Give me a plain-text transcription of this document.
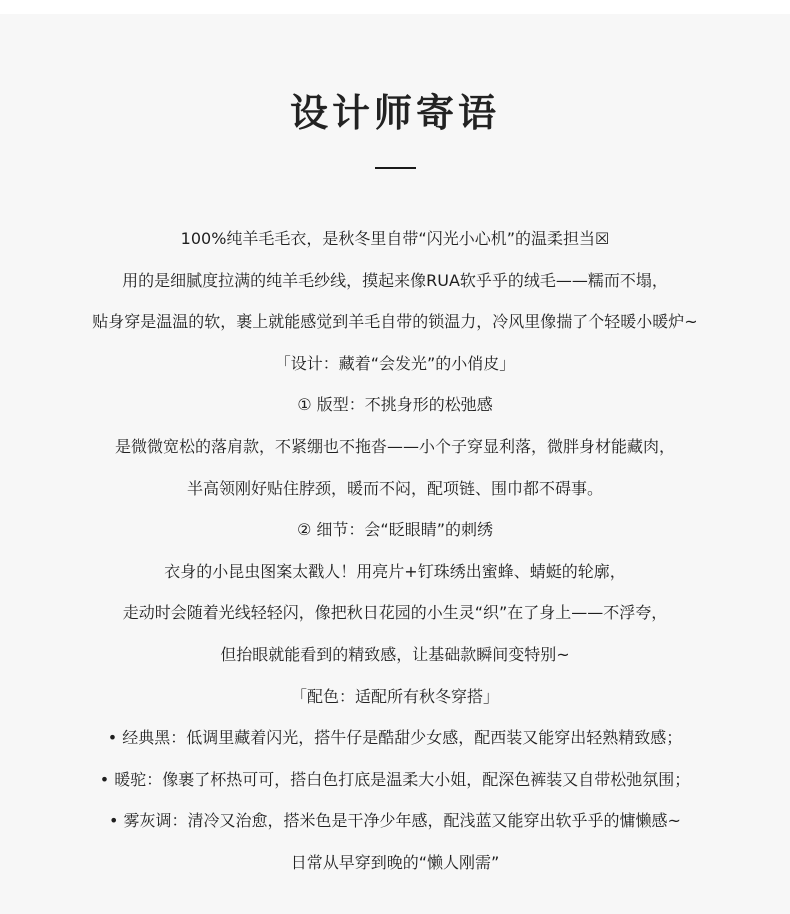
设计师寄语
100%纯羊毛毛衣，是秋冬里自带“闪光小心机”的温柔担当☒
用的是细腻度拉满的纯羊毛纱线，摸起来像RUA软乎乎的绒毛——糯而不塌，
贴身穿是温温的软，裹上就能感觉到羊毛自带的锁温力，冷风里像揣了个轻暖小暖炉~
「设计：藏着“会发光”的小俏皮」
① 版型：不挑身形的松弛感
是微微宽松的落肩款，不紧绷也不拖沓——小个子穿显利落，微胖身材能藏肉，
半高领刚好贴住脖颈，暖而不闷，配项链、围巾都不碍事。
② 细节：会“眨眼睛”的刺绣
衣身的小昆虫图案太戳人！用亮片+钉珠绣出蜜蜂、蜻蜓的轮廓，
走动时会随着光线轻轻闪，像把秋日花园的小生灵“织”在了身上——不浮夸，
但抬眼就能看到的精致感，让基础款瞬间变特别~
「配色：适配所有秋冬穿搭」
• 经典黑：低调里藏着闪光，搭牛仔是酷甜少女感，配西装又能穿出轻熟精致感；
• 暖驼：像裹了杯热可可，搭白色打底是温柔大小姐，配深色裤装又自带松弛氛围；
• 雾灰调：清冷又治愈，搭米色是干净少年感，配浅蓝又能穿出软乎乎的慵懒感~
日常从早穿到晚的“懒人刚需”
